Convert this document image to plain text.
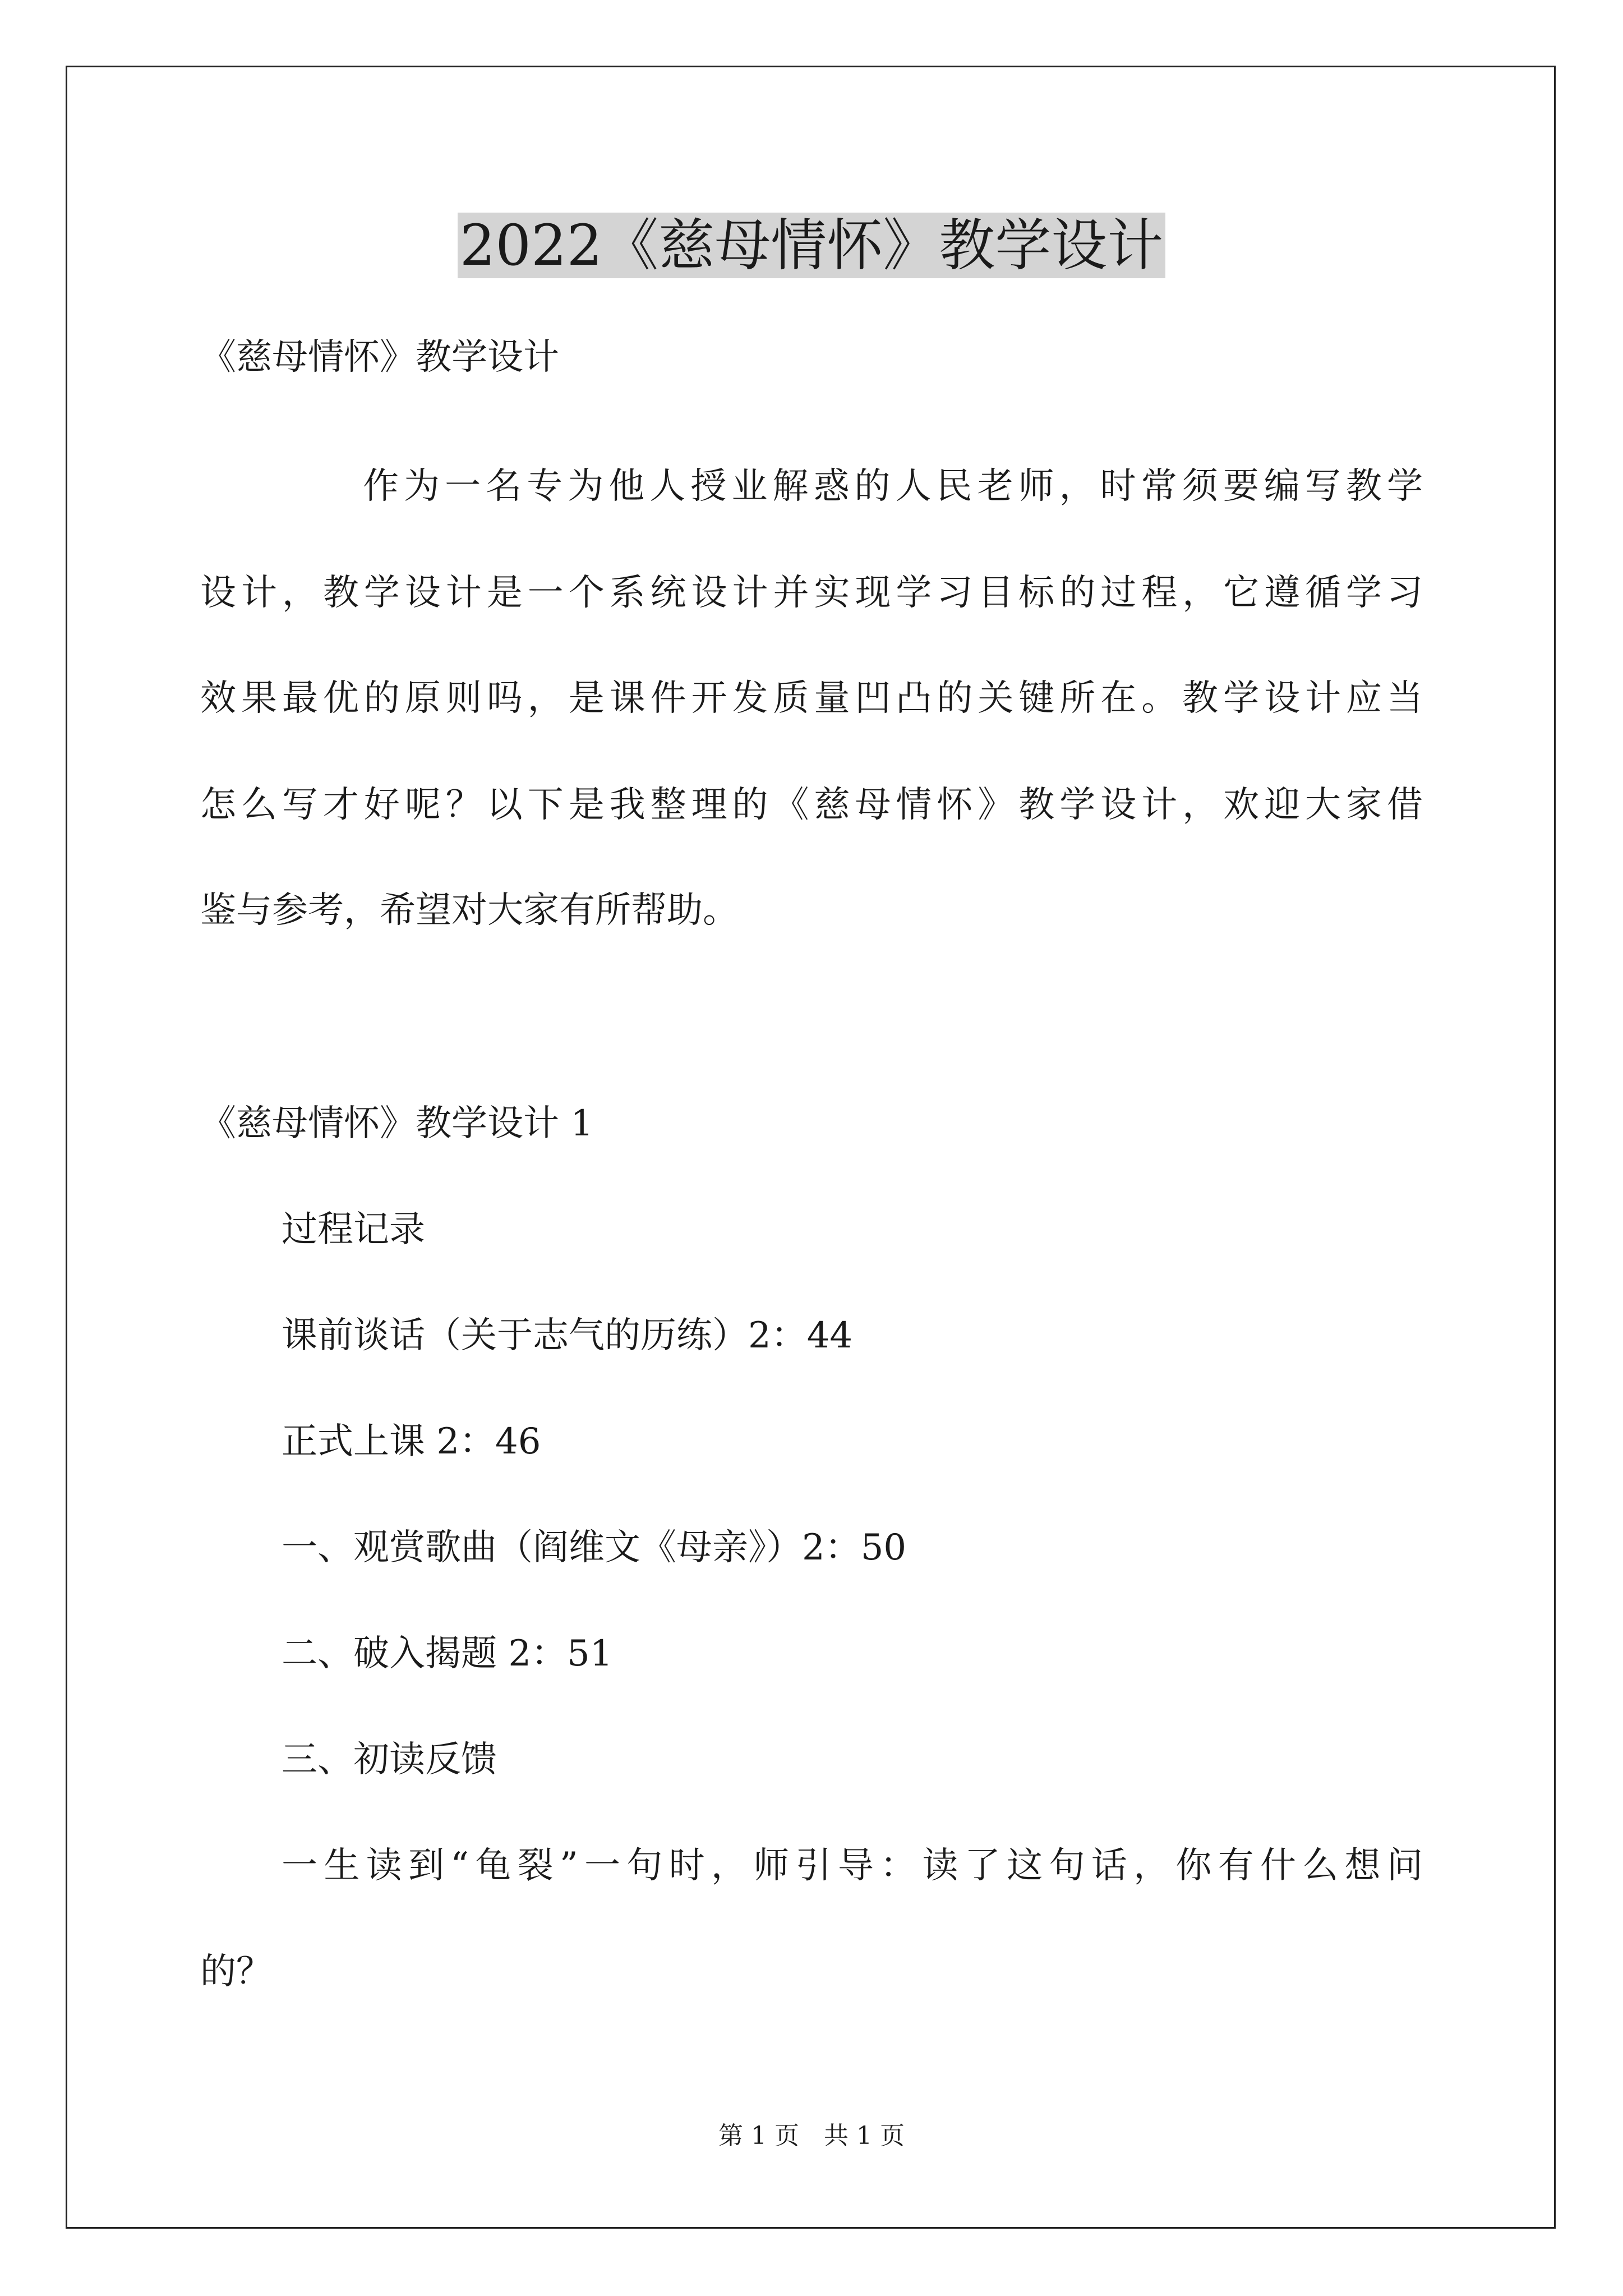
2022《慈母情怀》教学设计

《慈母情怀》教学设计

作为一名专为他人授业解惑的人民老师，时常须要编写教学

设计，教学设计是一个系统设计并实现学习目标的过程，它遵循学习

效果最优的原则吗，是课件开发质量凹凸的关键所在。教学设计应当

怎么写才好呢？以下是我整理的《慈母情怀》教学设计，欢迎大家借

鉴与参考，希望对大家有所帮助。

《慈母情怀》教学设计 1

过程记录

课前谈话（关于志气的历练）2：44

正式上课 2：46

一、观赏歌曲（阎维文《母亲》）2：50

二、破入揭题 2：51

三、初读反馈

一生读到“龟裂”一句时，师引导：读了这句话，你有什么想问

的？

第 1 页　共 1 页
